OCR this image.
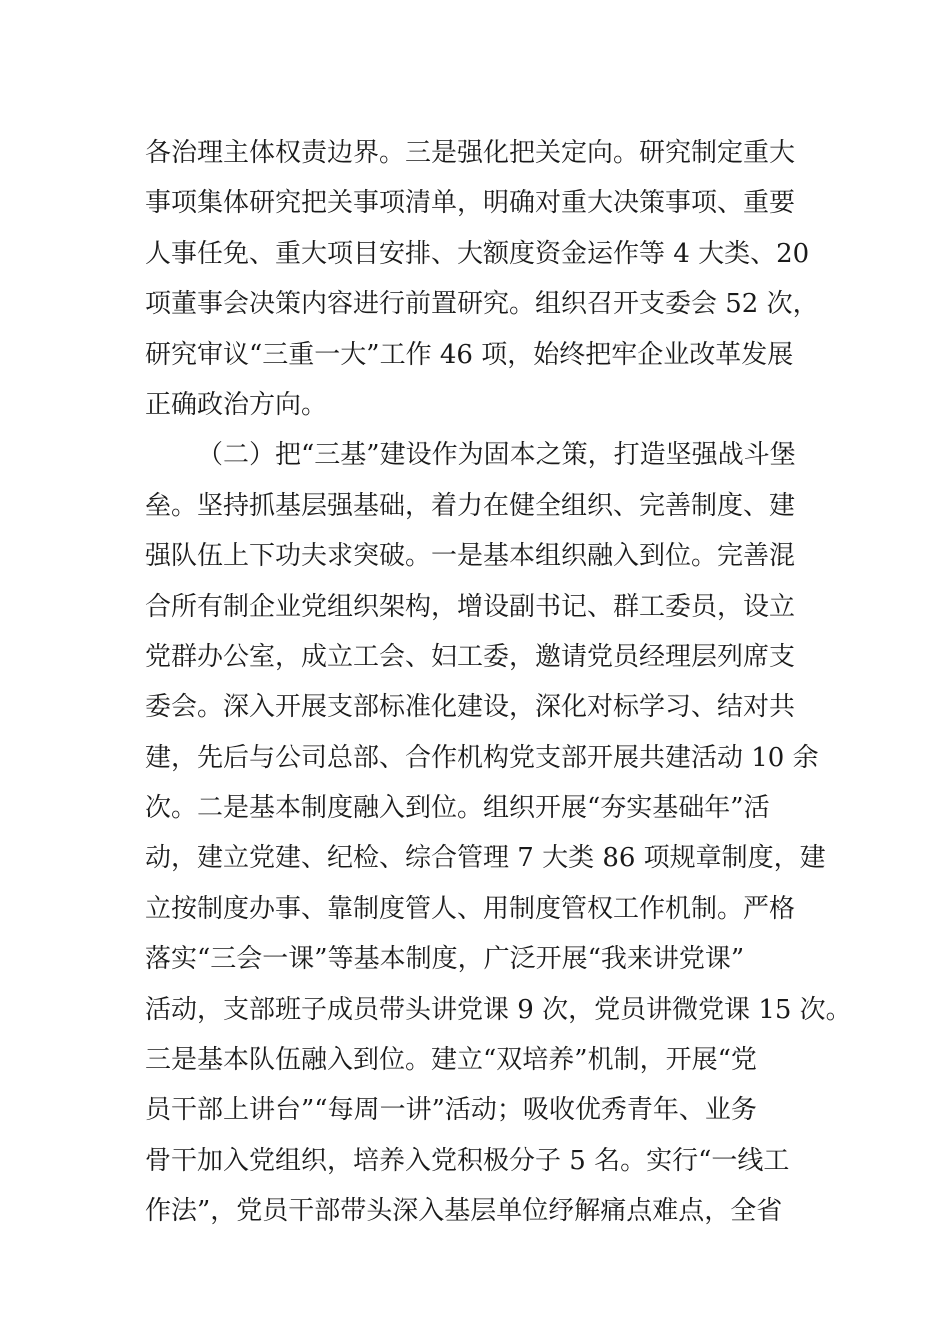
各治理主体权责边界。三是强化把关定向。研究制定重大
事项集体研究把关事项清单，明确对重大决策事项、重要
人事任免、重大项目安排、大额度资金运作等 4 大类、20
项董事会决策内容进行前置研究。组织召开支委会 52 次，
研究审议“三重一大”工作 46 项，始终把牢企业改革发展
正确政治方向。
（二）把“三基”建设作为固本之策，打造坚强战斗堡
垒。坚持抓基层强基础，着力在健全组织、完善制度、建
强队伍上下功夫求突破。一是基本组织融入到位。完善混
合所有制企业党组织架构，增设副书记、群工委员，设立
党群办公室，成立工会、妇工委，邀请党员经理层列席支
委会。深入开展支部标准化建设，深化对标学习、结对共
建，先后与公司总部、合作机构党支部开展共建活动 10 余
次。二是基本制度融入到位。组织开展“夯实基础年”活
动，建立党建、纪检、综合管理 7 大类 86 项规章制度，建
立按制度办事、靠制度管人、用制度管权工作机制。严格
落实“三会一课”等基本制度，广泛开展“我来讲党课”
活动，支部班子成员带头讲党课 9 次，党员讲微党课 15 次。
三是基本队伍融入到位。建立“双培养”机制，开展“党
员干部上讲台”“每周一讲”活动；吸收优秀青年、业务
骨干加入党组织，培养入党积极分子 5 名。实行“一线工
作法”，党员干部带头深入基层单位纾解痛点难点，全省
